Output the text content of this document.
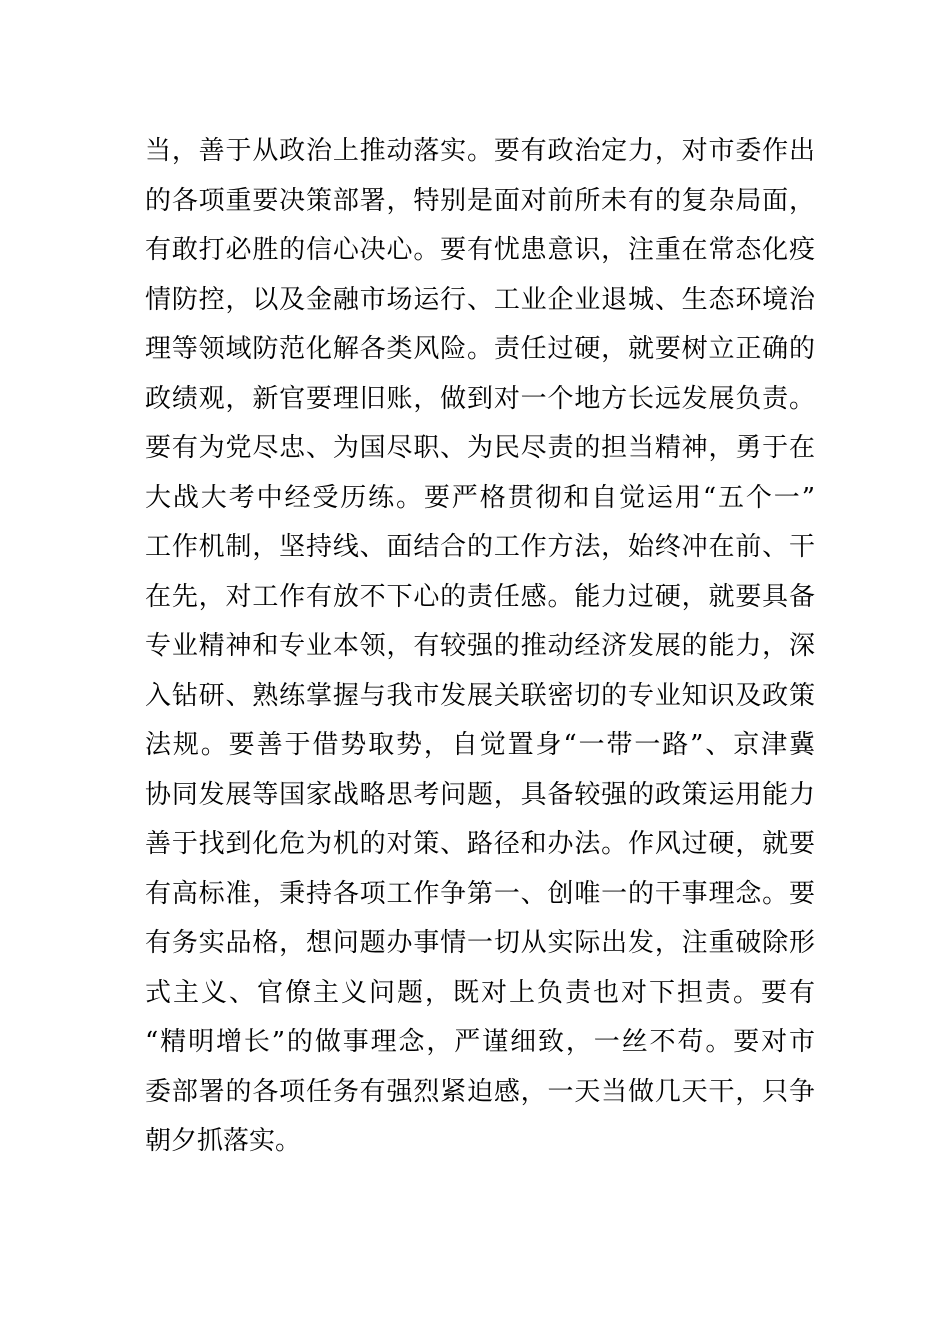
当，善于从政治上推动落实。要有政治定力，对市委作出
的各项重要决策部署，特别是面对前所未有的复杂局面，
有敢打必胜的信心决心。要有忧患意识，注重在常态化疫
情防控，以及金融市场运行、工业企业退城、生态环境治
理等领域防范化解各类风险。责任过硬，就要树立正确的
政绩观，新官要理旧账，做到对一个地方长远发展负责。
要有为党尽忠、为国尽职、为民尽责的担当精神，勇于在
大战大考中经受历练。要严格贯彻和自觉运用“五个一”
工作机制，坚持线、面结合的工作方法，始终冲在前、干
在先，对工作有放不下心的责任感。能力过硬，就要具备
专业精神和专业本领，有较强的推动经济发展的能力，深
入钻研、熟练掌握与我市发展关联密切的专业知识及政策
法规。要善于借势取势，自觉置身“一带一路”、京津冀
协同发展等国家战略思考问题，具备较强的政策运用能力
善于找到化危为机的对策、路径和办法。作风过硬，就要
有高标准，秉持各项工作争第一、创唯一的干事理念。要
有务实品格，想问题办事情一切从实际出发，注重破除形
式主义、官僚主义问题，既对上负责也对下担责。要有
“精明增长”的做事理念，严谨细致，一丝不苟。要对市
委部署的各项任务有强烈紧迫感，一天当做几天干，只争
朝夕抓落实。
